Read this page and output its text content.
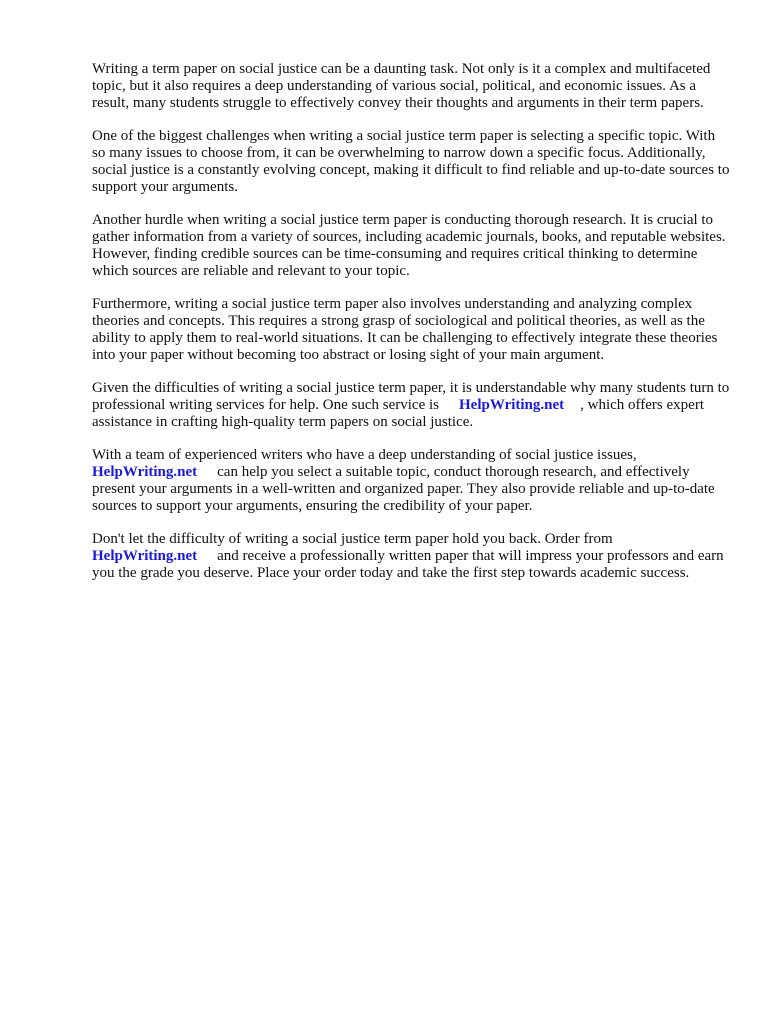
Writing a term paper on social justice can be a daunting task. Not only is it a complex and multifaceted topic, but it also requires a deep understanding of various social, political, and economic issues. As a result, many students struggle to effectively convey their thoughts and arguments in their term papers.

One of the biggest challenges when writing a social justice term paper is selecting a specific topic. With so many issues to choose from, it can be overwhelming to narrow down a specific focus. Additionally, social justice is a constantly evolving concept, making it difficult to find reliable and up-to-date sources to support your arguments.

Another hurdle when writing a social justice term paper is conducting thorough research. It is crucial to gather information from a variety of sources, including academic journals, books, and reputable websites. However, finding credible sources can be time-consuming and requires critical thinking to determine which sources are reliable and relevant to your topic.

Furthermore, writing a social justice term paper also involves understanding and analyzing complex theories and concepts. This requires a strong grasp of sociological and political theories, as well as the ability to apply them to real-world situations. It can be challenging to effectively integrate these theories into your paper without becoming too abstract or losing sight of your main argument.

Given the difficulties of writing a social justice term paper, it is understandable why many students turn to professional writing services for help. One such service is HelpWriting.net , which offers expert assistance in crafting high-quality term papers on social justice.

With a team of experienced writers who have a deep understanding of social justice issues,
HelpWriting.net can help you select a suitable topic, conduct thorough research, and effectively present your arguments in a well-written and organized paper. They also provide reliable and up-to-date sources to support your arguments, ensuring the credibility of your paper.

Don't let the difficulty of writing a social justice term paper hold you back. Order from
HelpWriting.net and receive a professionally written paper that will impress your professors and earn you the grade you deserve. Place your order today and take the first step towards academic success.
